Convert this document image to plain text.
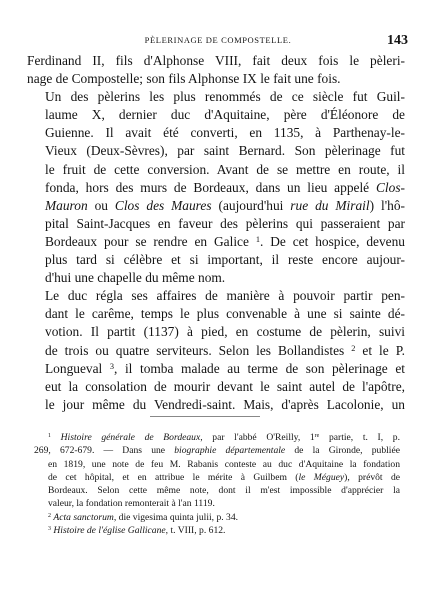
PÈLERINAGE DE COMPOSTELLE.	143

Ferdinand II, fils d'Alphonse VIII, fait deux fois le pèleri-
nage de Compostelle; son fils Alphonse IX le fait une fois.

Un des pèlerins les plus renommés de ce siècle fut Guil-
laume X, dernier duc d'Aquitaine, père d'Éléonore de
Guienne. Il avait été converti, en 1135, à Parthenay-le-
Vieux (Deux-Sèvres), par saint Bernard. Son pèlerinage fut
le fruit de cette conversion. Avant de se mettre en route, il
fonda, hors des murs de Bordeaux, dans un lieu appelé Clos-
Mauron ou Clos des Maures (aujourd'hui rue du Mirail) l'hô-
pital Saint-Jacques en faveur des pèlerins qui passeraient par
Bordeaux pour se rendre en Galice $^1$. De cet hospice, devenu
plus tard si célèbre et si important, il reste encore aujour-
d'hui une chapelle du même nom.

Le duc régla ses affaires de manière à pouvoir partir pen-
dant le carême, temps le plus convenable à une si sainte dé-
votion. Il partit (1137) à pied, en costume de pèlerin, suivi
de trois ou quatre serviteurs. Selon les Bollandistes $^2$ et le P.
Longueval $^3$, il tomba malade au terme de son pèlerinage et
eut la consolation de mourir devant le saint autel de l'apôtre,
le jour même du Vendredi-saint. Mais, d'après Lacolonie, un

$^1$ Histoire générale de Bordeaux, par l'abbé O'Reilly, 1re partie, t. I, p.
269, 672-679. — Dans une biographie départementale de la Gironde, publiée
en 1819, une note de feu M. Rabanis conteste au duc d'Aquitaine la fondation
de cet hôpital, et en attribue le mérite à Guilbem (le Méguey), prévôt de
Bordeaux. Selon cette même note, dont il m'est impossible d'apprécier la
valeur, la fondation remonterait à l'an 1119.

$^2$ Acta sanctorum, die vigesima quinta julii, p. 34.

$^3$ Histoire de l'église Gallicane, t. VIII, p. 612.
